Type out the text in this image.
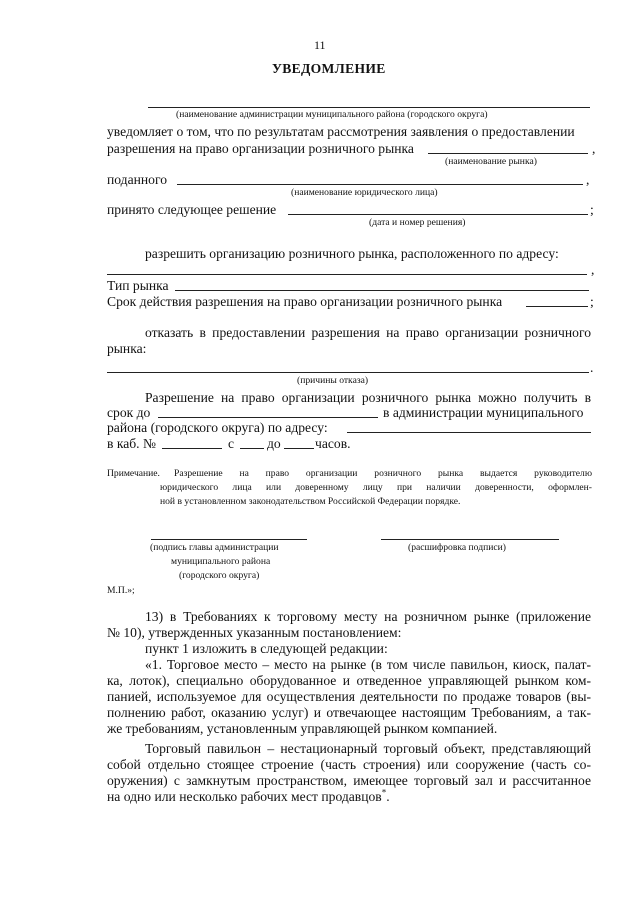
11
УВЕДОМЛЕНИЕ
(наименование администрации муниципального района (городского округа)
уведомляет о том, что по результатам рассмотрения заявления о предоставлении
разрешения на право организации розничного рынка	,
(наименование рынка)
поданного	,
(наименование юридического лица)
принято следующее решение	;
(дата и номер решения)
разрешить организацию розничного рынка, расположенного по адресу:
,
Тип рынка
Срок действия разрешения на право организации розничного рынка	;
отказать в предоставлении разрешения на право организации розничного
рынка:
.
(причины отказа)
Разрешение на право организации розничного рынка можно получить в
срок до	в администрации муниципального
района (городского округа) по адресу:
в каб. №	с до	часов.
Примечание. Разрешение на право организации розничного рынка выдается руководителю
юридического лица или доверенному лицу при наличии доверенности, оформлен-
ной в установленном законодательством Российской Федерации порядке.
(подпись главы администрации
муниципального района
(городского округа)
(расшифровка подписи)
М.П.»;
13) в Требованиях к торговому месту на розничном рынке (приложение
№ 10), утвержденных указанным постановлением:
пункт 1 изложить в следующей редакции:
«1. Торговое место – место на рынке (в том числе павильон, киоск, палат-
ка, лоток), специально оборудованное и отведенное управляющей рынком ком-
панией, используемое для осуществления деятельности по продаже товаров (вы-
полнению работ, оказанию услуг) и отвечающее настоящим Требованиям, а так-
же требованиям, установленным управляющей рынком компанией.
Торговый павильон – нестационарный торговый объект, представляющий
собой отдельно стоящее строение (часть строения) или сооружение (часть со-
оружения) с замкнутым пространством, имеющее торговый зал и рассчитанное
на одно или несколько рабочих мест продавцов*.
